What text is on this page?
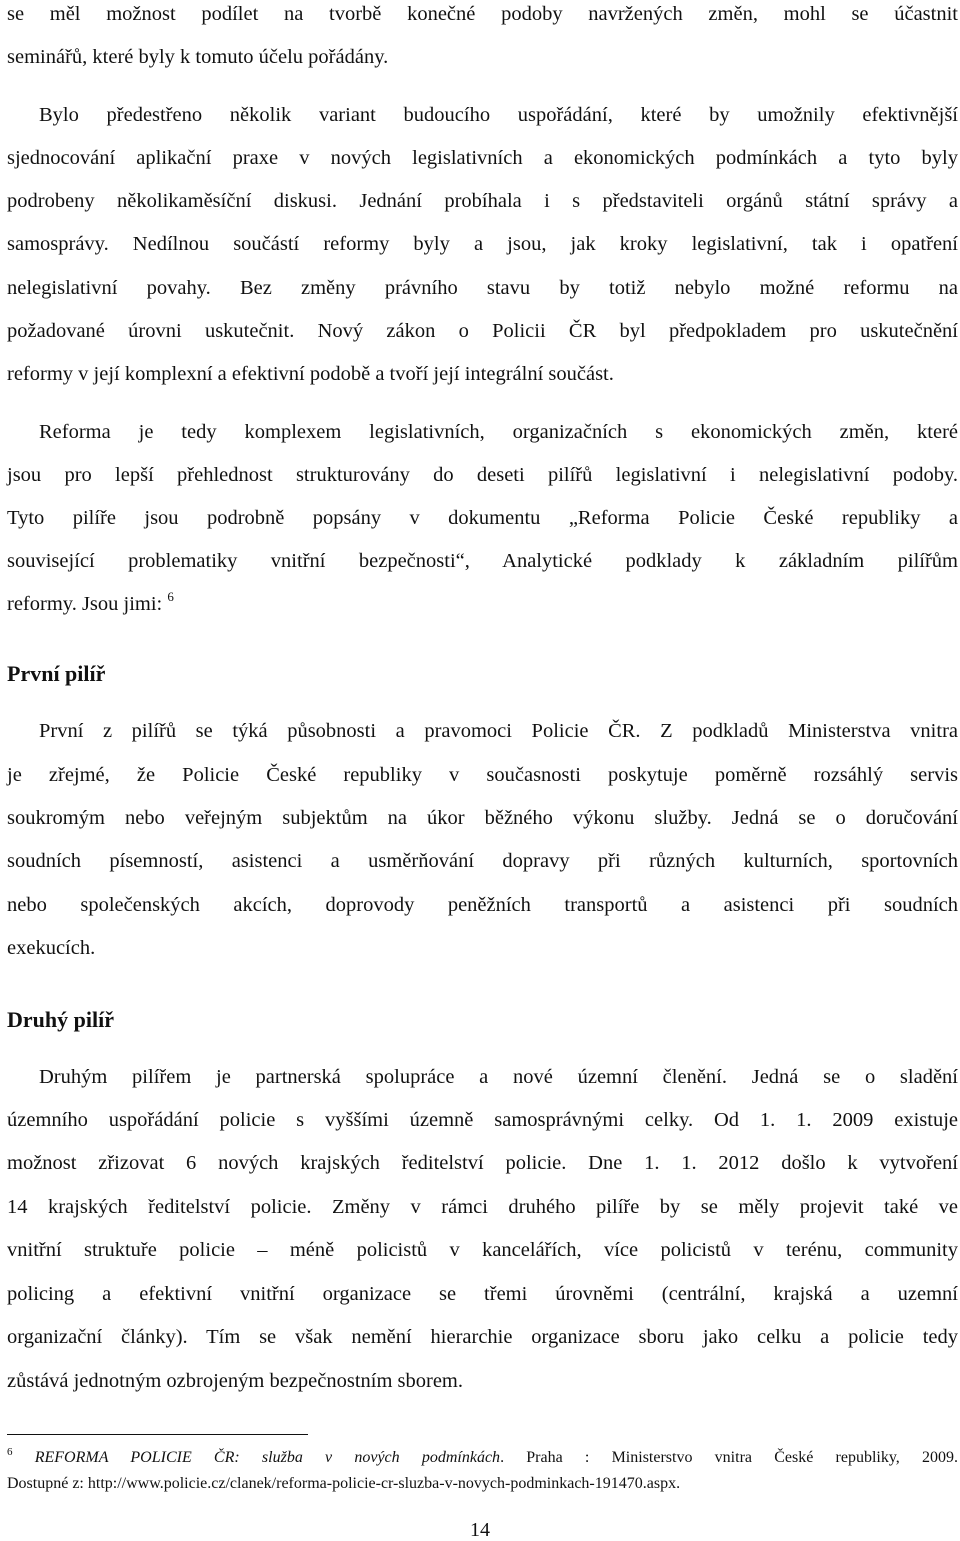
se měl možnost podílet na tvorbě konečné podoby navržených změn, mohl se účastnit
seminářů, které byly k tomuto účelu pořádány.
Bylo předestřeno několik variant budoucího uspořádání, které by umožnily efektivnější
sjednocování aplikační praxe v nových legislativních a ekonomických podmínkách a tyto byly
podrobeny několikaměsíční diskusi. Jednání probíhala i s představiteli orgánů státní správy a
samosprávy. Nedílnou součástí reformy byly a jsou, jak kroky legislativní, tak i opatření
nelegislativní povahy. Bez změny právního stavu by totiž nebylo možné reformu na
požadované úrovni uskutečnit. Nový zákon o Policii ČR byl předpokladem pro uskutečnění
reformy v její komplexní a efektivní podobě a tvoří její integrální součást.
Reforma je tedy komplexem legislativních, organizačních s ekonomických změn, které
jsou pro lepší přehlednost strukturovány do deseti pilířů legislativní i nelegislativní podoby.
Tyto pilíře jsou podrobně popsány v dokumentu „Reforma Policie České republiky a
související problematiky vnitřní bezpečnosti“, Analytické podklady k základním pilířům
reformy. Jsou jimi: $^6$
První pilíř
První z pilířů se týká působnosti a pravomoci Policie ČR. Z podkladů Ministerstva vnitra
je zřejmé, že Policie České republiky v současnosti poskytuje poměrně rozsáhlý servis
soukromým nebo veřejným subjektům na úkor běžného výkonu služby. Jedná se o doručování
soudních písemností, asistenci a usměrňování dopravy při různých kulturních, sportovních
nebo společenských akcích, doprovody peněžních transportů a asistenci při soudních
exekucích.
Druhý pilíř
Druhým pilířem je partnerská spolupráce a nové územní členění. Jedná se o sladění
územního uspořádání policie s vyššími územně samosprávnými celky. Od 1. 1. 2009 existuje
možnost zřizovat 6 nových krajských ředitelství policie. Dne 1. 1. 2012 došlo k vytvoření
14 krajských ředitelství policie. Změny v rámci druhého pilíře by se měly projevit také ve
vnitřní struktuře policie – méně policistů v kancelářích, více policistů v terénu, community
policing a efektivní vnitřní organizace se třemi úrovněmi (centrální, krajská a uzemní
organizační články). Tím se však nemění hierarchie organizace sboru jako celku a policie tedy
zůstává jednotným ozbrojeným bezpečnostním sborem.
$^6$ REFORMA POLICIE ČR: služba v nových podmínkách. Praha : Ministerstvo vnitra České republiky, 2009.
Dostupné z: http://www.policie.cz/clanek/reforma-policie-cr-sluzba-v-novych-podminkach-191470.aspx.
14
